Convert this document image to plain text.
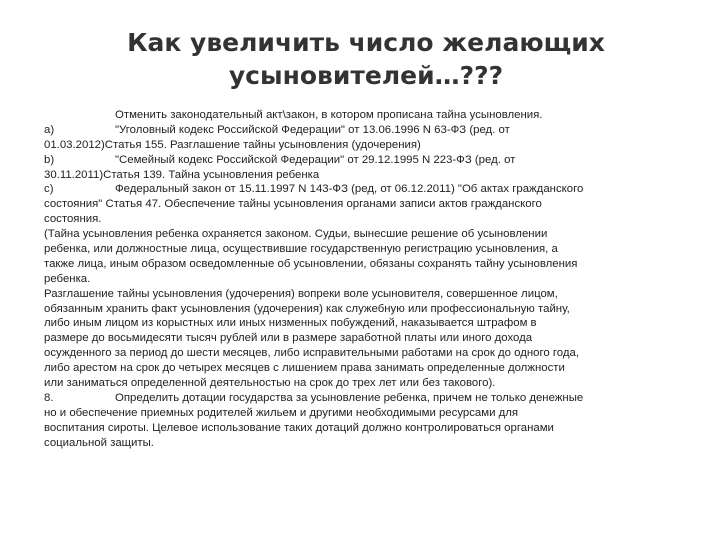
Как увеличить число желающих
усыновителей…???
Отменить законодательный акт\закон, в котором прописана тайна усыновления.
a)	"Уголовный кодекс Российской Федерации" от 13.06.1996 N 63-ФЗ (ред. от
01.03.2012)Статья 155. Разглашение тайны усыновления (удочерения)
b)	"Семейный кодекс Российской Федерации" от 29.12.1995 N 223-ФЗ (ред. от
30.11.2011)Статья 139. Тайна усыновления ребенка
c)	Федеральный закон от 15.11.1997 N 143-ФЗ (ред, от 06.12.2011) "Об актах гражданского
состояния" Статья 47. Обеспечение тайны усыновления органами записи актов гражданского
состояния.
(Тайна усыновления ребенка охраняется законом. Судьи, вынесшие решение об усыновлении
ребенка, или должностные лица, осуществившие государственную регистрацию усыновления, а
также лица, иным образом осведомленные об усыновлении, обязаны сохранять тайну усыновления
ребенка.
Разглашение тайны усыновления (удочерения) вопреки воле усыновителя, совершенное лицом,
обязанным хранить факт усыновления (удочерения) как служебную или профессиональную тайну,
либо иным лицом из корыстных или иных низменных побуждений, наказывается штрафом в
размере до восьмидесяти тысяч рублей или в размере заработной платы или иного дохода
осужденного за период до шести месяцев, либо исправительными работами на срок до одного года,
либо арестом на срок до четырех месяцев с лишением права занимать определенные должности
или заниматься определенной деятельностью на срок до трех лет или без такового).
8.	Определить дотации государства за усыновление ребенка, причем не только денежные
но и обеспечение приемных родителей жильем и другими необходимыми ресурсами для
воспитания сироты. Целевое использование таких дотаций должно контролироваться органами
социальной защиты.
